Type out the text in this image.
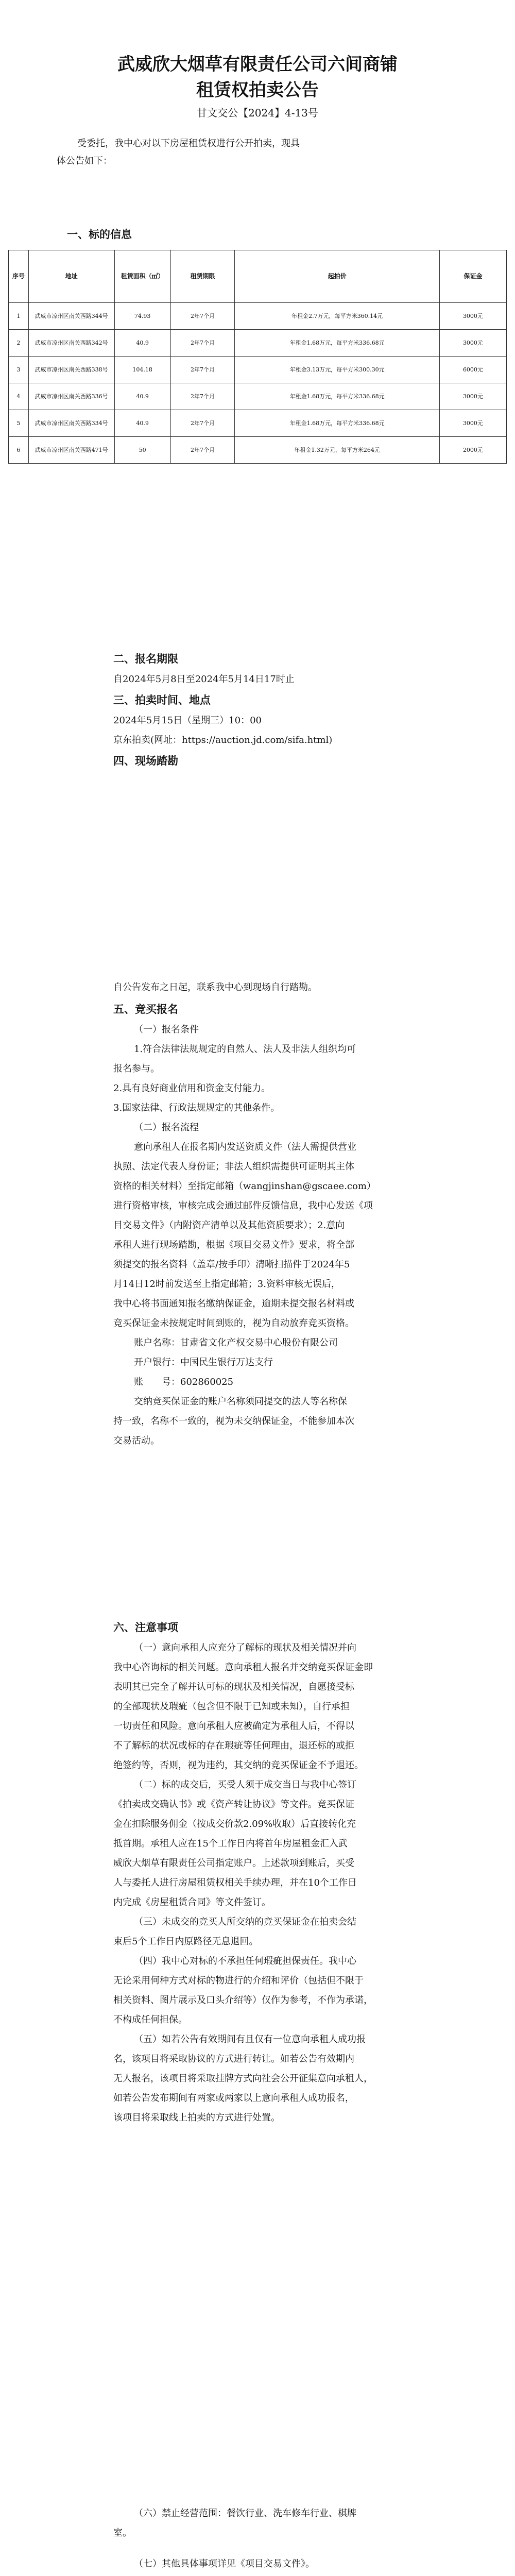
武威欣大烟草有限责任公司六间商铺
租赁权拍卖公告
甘文交公【2024】4-13号
受委托，我中心对以下房屋租赁权进行公开拍卖，现具
体公告如下：
一、标的信息
序号	地址	租赁面积（㎡）	租赁期限	起拍价	保证金
1	武威市凉州区南关西路344号	74.93	2年7个月	年租金2.7万元，每平方米360.14元	3000元
2	武威市凉州区南关西路342号	40.9	2年7个月	年租金1.68万元，每平方米336.68元	3000元
3	武威市凉州区南关西路338号	104.18	2年7个月	年租金3.13万元，每平方米300.30元	6000元
4	武威市凉州区南关西路336号	40.9	2年7个月	年租金1.68万元，每平方米336.68元	3000元
5	武威市凉州区南关西路334号	40.9	2年7个月	年租金1.68万元，每平方米336.68元	3000元
6	武威市凉州区南关西路471号	50	2年7个月	年租金1.32万元，每平方米264元	2000元
二、报名期限
自2024年5月8日至2024年5月14日17时止
三、拍卖时间、地点
2024年5月15日（星期三）10：00
京东拍卖(网址：https://auction.jd.com/sifa.html)
四、现场踏勘
自公告发布之日起，联系我中心到现场自行踏勘。
五、竞买报名
（一）报名条件
1.符合法律法规规定的自然人、法人及非法人组织均可
报名参与。
2.具有良好商业信用和资金支付能力。
3.国家法律、行政法规规定的其他条件。
（二）报名流程
意向承租人在报名期内发送资质文件（法人需提供营业
执照、法定代表人身份证；非法人组织需提供可证明其主体
资格的相关材料）至指定邮箱（wangjinshan@gscaee.com）
进行资格审核，审核完成会通过邮件反馈信息，我中心发送《项
目交易文件》（内附资产清单以及其他资质要求）；2.意向
承租人进行现场踏勘，根据《项目交易文件》要求，将全部
须提交的报名资料（盖章/按手印）清晰扫描件于2024年5
月14日12时前发送至上指定邮箱；3.资料审核无误后，
我中心将书面通知报名缴纳保证金，逾期未提交报名材料或
竞买保证金未按规定时间到账的，视为自动放弃竞买资格。
账户名称：甘肃省文化产权交易中心股份有限公司
开户银行：中国民生银行万达支行
账　　号：602860025
交纳竞买保证金的账户名称须同提交的法人等名称保
持一致，名称不一致的，视为未交纳保证金，不能参加本次
交易活动。
六、注意事项
（一）意向承租人应充分了解标的现状及相关情况并向
我中心咨询标的相关问题。意向承租人报名并交纳竞买保证金即
表明其已完全了解并认可标的现状及相关情况，自愿接受标
的全部现状及瑕疵（包含但不限于已知或未知），自行承担
一切责任和风险。意向承租人应被确定为承租人后，不得以
不了解标的状况或标的存在瑕疵等任何理由，退还标的或拒
绝签约等，否则，视为违约，其交纳的竞买保证金不予退还。
（二）标的成交后，买受人须于成交当日与我中心签订
《拍卖成交确认书》或《资产转让协议》等文件。竞买保证
金在扣除服务佣金（按成交价款2.09%收取）后直接转化充
抵首期。承租人应在15个工作日内将首年房屋租金汇入武
威欣大烟草有限责任公司指定账户。上述款项到账后，买受
人与委托人进行房屋租赁权相关手续办理，并在10个工作日
内完成《房屋租赁合同》等文件签订。
（三）未成交的竞买人所交纳的竞买保证金在拍卖会结
束后5个工作日内原路径无息退回。
（四）我中心对标的不承担任何瑕疵担保责任。我中心
无论采用何种方式对标的物进行的介绍和评价（包括但不限于
相关资料、图片展示及口头介绍等）仅作为参考，不作为承诺，
不构成任何担保。
（五）如若公告有效期间有且仅有一位意向承租人成功报
名，该项目将采取协议的方式进行转让。如若公告有效期内
无人报名，该项目将采取挂牌方式向社会公开征集意向承租人，
如若公告发布期间有两家或两家以上意向承租人成功报名，
该项目将采取线上拍卖的方式进行处置。
（六）禁止经营范围：餐饮行业、洗车修车行业、棋牌
室。
（七）其他具体事项详见《项目交易文件》。
